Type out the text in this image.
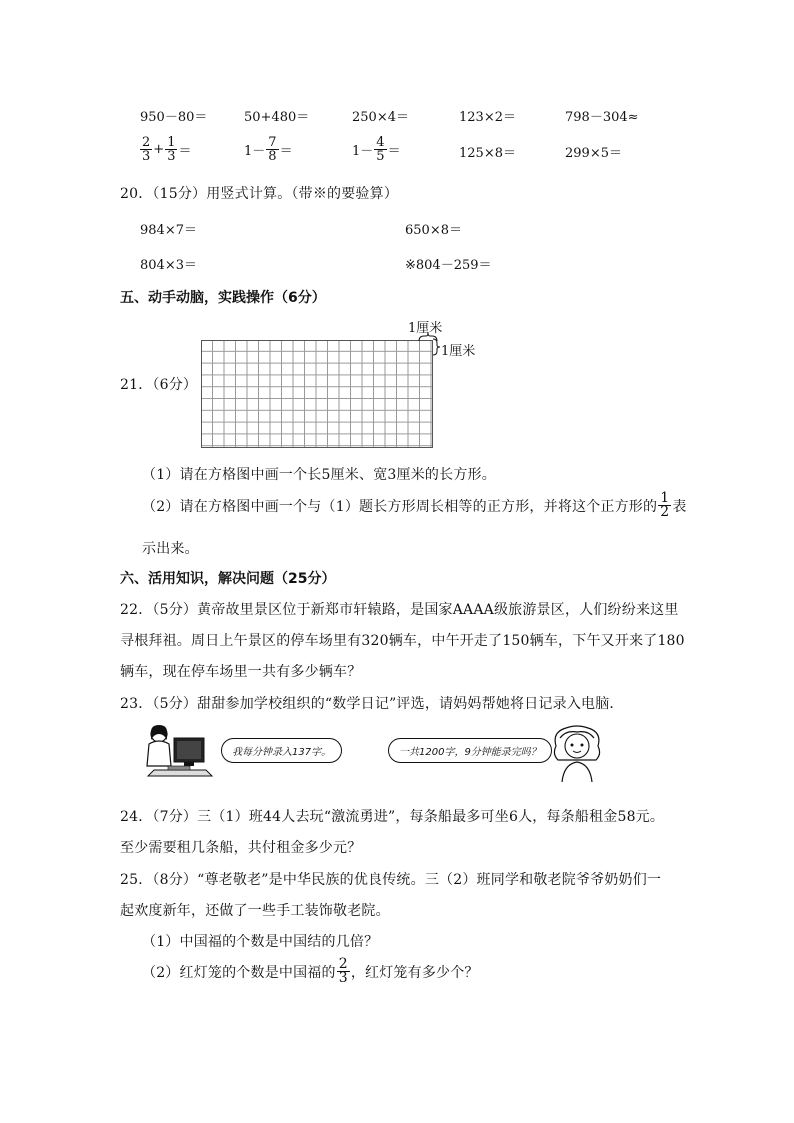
950－80＝	50+480＝	250×4＝	123×2＝	798－304≈
$\frac{2}{3} + \frac{1}{3}$ ＝	$1- \frac{7}{8}$ ＝	$1- \frac{4}{5}$ ＝	125×8＝	299×5＝
20．（15分）用竖式计算。（带※的要验算）
984×7＝	650×8＝
804×3＝	※804－259＝
五、动手动脑，实践操作（6分）
21．（6分）
1厘米
1厘米
（1）请在方格图中画一个长5厘米、宽3厘米的长方形。
（2）请在方格图中画一个与（1）题长方形周长相等的正方形，并将这个正方形的 $\frac{1}{2}$ 表
示出来。
六、活用知识，解决问题（25分）
22．（5分）黄帝故里景区位于新郑市轩辕路，是国家AAAA级旅游景区，人们纷纷来这里
寻根拜祖。周日上午景区的停车场里有320辆车，中午开走了150辆车，下午又开来了180
辆车，现在停车场里一共有多少辆车？
23．（5分）甜甜参加学校组织的“数学日记”评选，请妈妈帮她将日记录入电脑．
我每分钟录入137字。	一共1200字，9分钟能录完吗？
24．（7分）三（1）班44人去玩“激流勇进”，每条船最多可坐6人，每条船租金58元。
至少需要租几条船，共付租金多少元？
25．（8分）“尊老敬老”是中华民族的优良传统。三（2）班同学和敬老院爷爷奶奶们一
起欢度新年，还做了一些手工装饰敬老院。
（1）中国福的个数是中国结的几倍？
（2）红灯笼的个数是中国福的 $\frac{2}{3}$ ，红灯笼有多少个？
